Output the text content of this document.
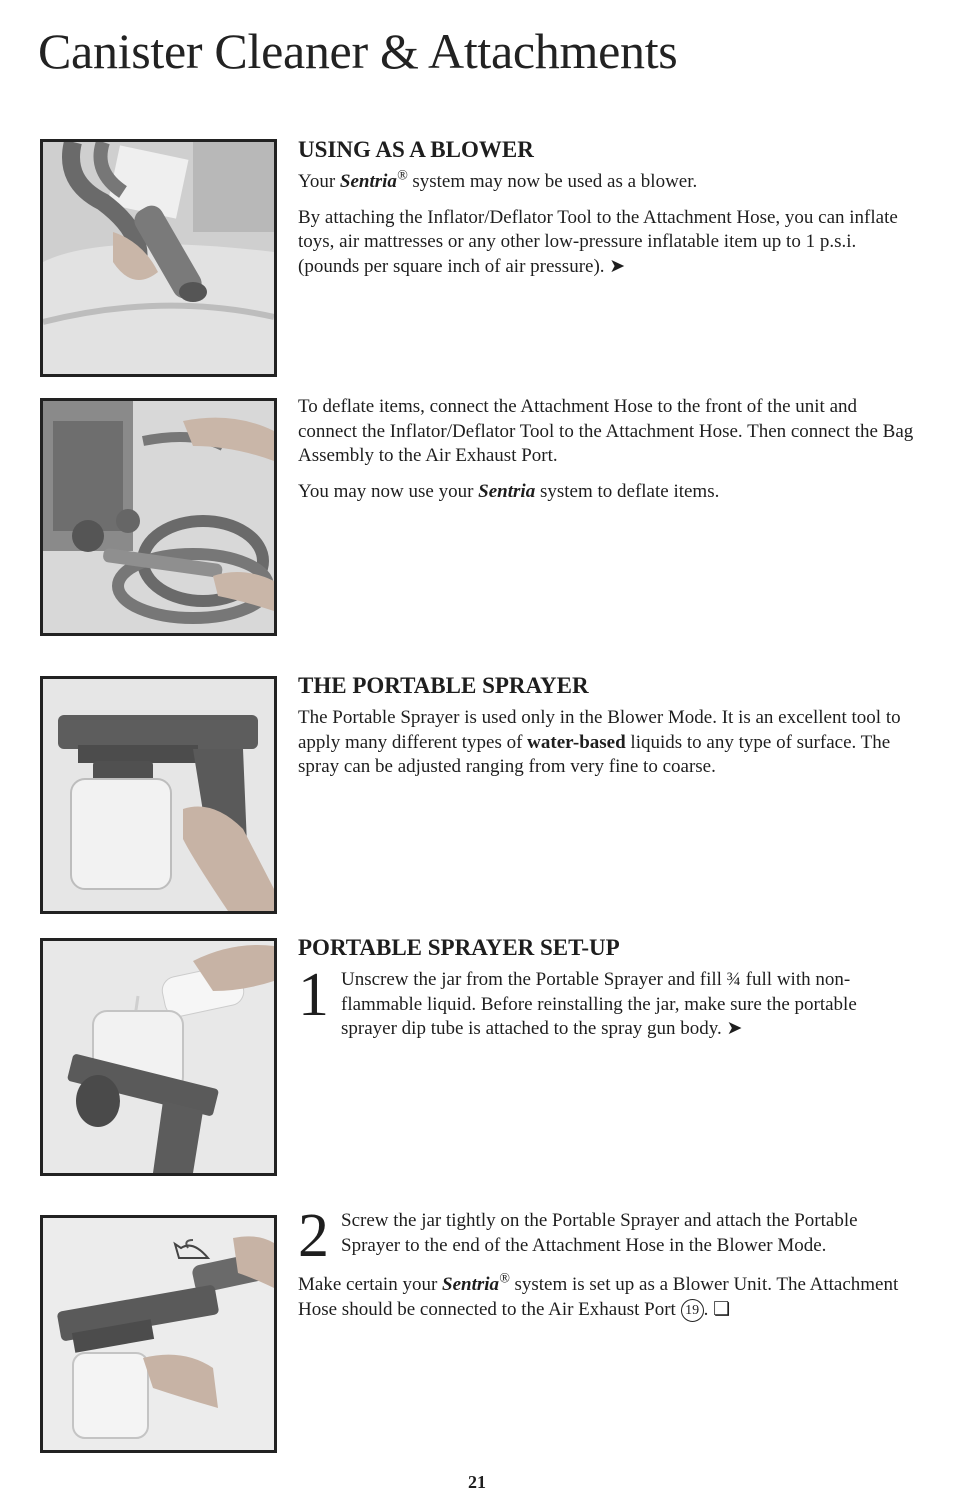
Canister Cleaner & Attachments
USING AS A BLOWER

Your Sentria® system may now be used as a blower.

By attaching the Inflator/Deflator Tool to the Attachment Hose, you can inflate toys, air mattresses or any other low-pressure inflatable item up to 1 p.s.i. (pounds per square inch of air pressure). ➤

To deflate items, connect the Attachment Hose to the front of the unit and connect the Inflator/Deflator Tool to the Attachment Hose. Then connect the Bag Assembly to the Air Exhaust Port.

You may now use your Sentria system to deflate items.

THE PORTABLE SPRAYER

The Portable Sprayer is used only in the Blower Mode. It is an excellent tool to apply many different types of water-based liquids to any type of surface. The spray can be adjusted ranging from very fine to coarse.

PORTABLE SPRAYER SET-UP
1 Unscrew the jar from the Portable Sprayer and fill ¾ full with non-flammable liquid. Before reinstalling the jar, make sure the portable sprayer dip tube is attached to the spray gun body. ➤
2 Screw the jar tightly on the Portable Sprayer and attach the Portable Sprayer to the end of the Attachment Hose in the Blower Mode.

Make certain your Sentria® system is set up as a Blower Unit. The Attachment Hose should be connected to the Air Exhaust Port 19 . ❏

21
